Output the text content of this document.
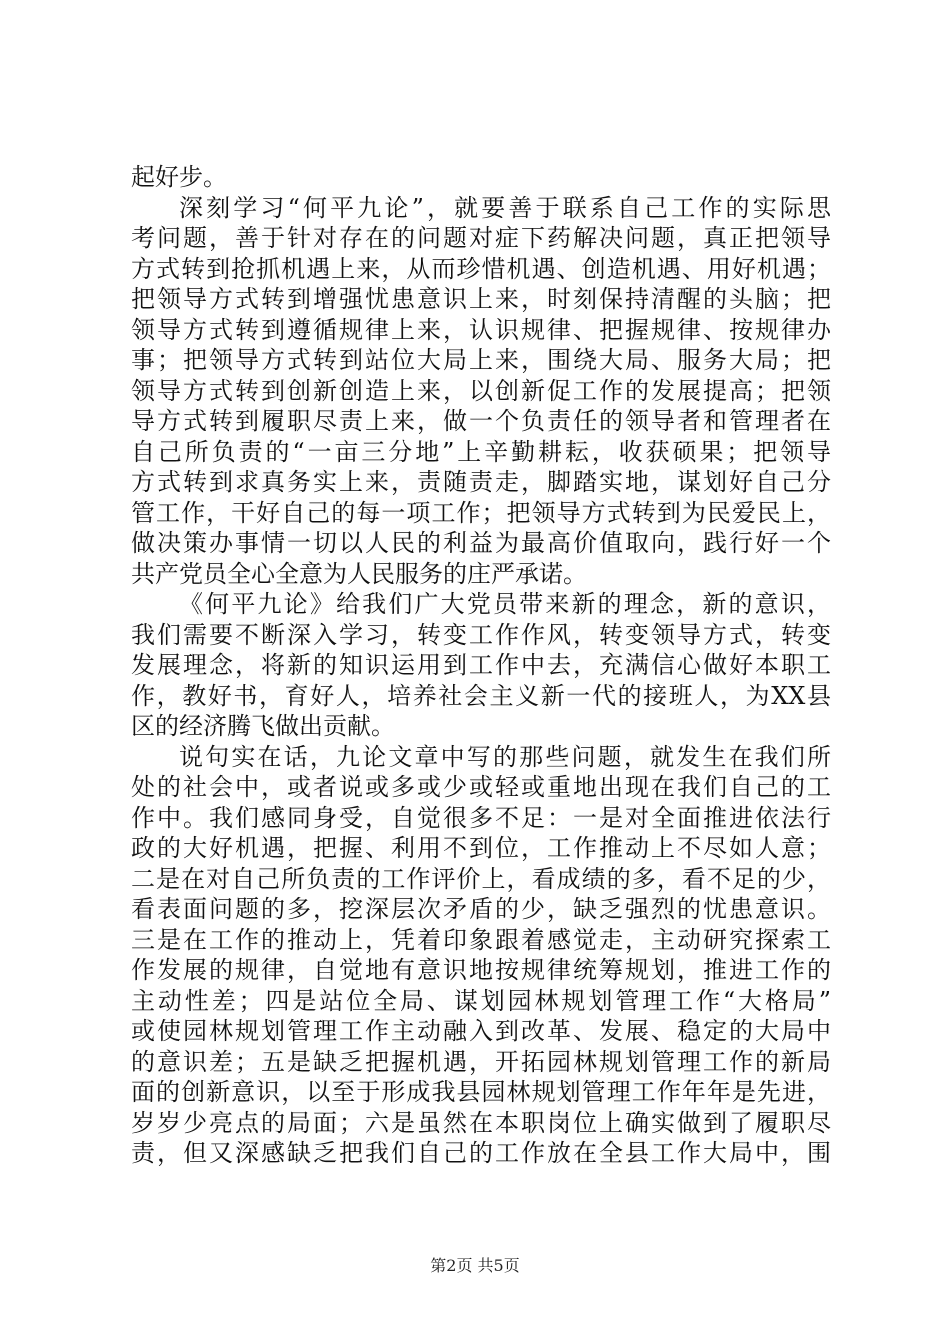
起好步。
深刻学习“何平九论”，就要善于联系自己工作的实际思
考问题，善于针对存在的问题对症下药解决问题，真正把领导
方式转到抢抓机遇上来，从而珍惜机遇、创造机遇、用好机遇；
把领导方式转到增强忧患意识上来，时刻保持清醒的头脑；把
领导方式转到遵循规律上来，认识规律、把握规律、按规律办
事；把领导方式转到站位大局上来，围绕大局、服务大局；把
领导方式转到创新创造上来，以创新促工作的发展提高；把领
导方式转到履职尽责上来，做一个负责任的领导者和管理者在
自己所负责的“一亩三分地”上辛勤耕耘，收获硕果；把领导
方式转到求真务实上来，责随责走，脚踏实地，谋划好自己分
管工作，干好自己的每一项工作；把领导方式转到为民爱民上，
做决策办事情一切以人民的利益为最高价值取向，践行好一个
共产党员全心全意为人民服务的庄严承诺。
《何平九论》给我们广大党员带来新的理念，新的意识，
我们需要不断深入学习，转变工作作风，转变领导方式，转变
发展理念，将新的知识运用到工作中去，充满信心做好本职工
作，教好书，育好人，培养社会主义新一代的接班人，为XX县
区的经济腾飞做出贡献。
说句实在话，九论文章中写的那些问题，就发生在我们所
处的社会中，或者说或多或少或轻或重地出现在我们自己的工
作中。我们感同身受，自觉很多不足：一是对全面推进依法行
政的大好机遇，把握、利用不到位，工作推动上不尽如人意；
二是在对自己所负责的工作评价上，看成绩的多，看不足的少，
看表面问题的多，挖深层次矛盾的少，缺乏强烈的忧患意识。
三是在工作的推动上，凭着印象跟着感觉走，主动研究探索工
作发展的规律，自觉地有意识地按规律统筹规划，推进工作的
主动性差；四是站位全局、谋划园林规划管理工作“大格局”
或使园林规划管理工作主动融入到改革、发展、稳定的大局中
的意识差；五是缺乏把握机遇，开拓园林规划管理工作的新局
面的创新意识，以至于形成我县园林规划管理工作年年是先进，
岁岁少亮点的局面；六是虽然在本职岗位上确实做到了履职尽
责，但又深感缺乏把我们自己的工作放在全县工作大局中，围
第2页 共5页
